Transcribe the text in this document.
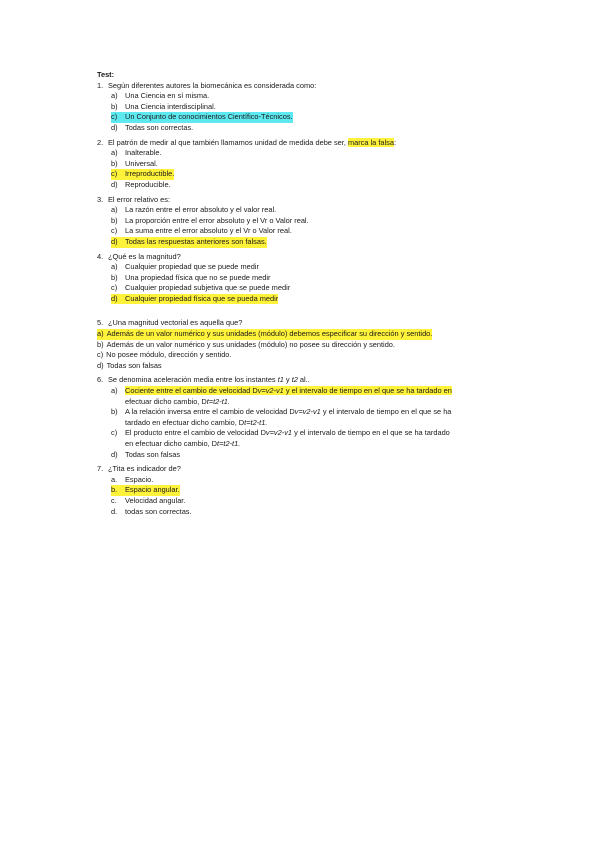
Test:
1. Según diferentes autores la biomecánica es considerada como:
a)	Una Ciencia en sí misma.
b)	Una Ciencia interdisciplinal.
c)	Un Conjunto de conocimientos Científico-Técnicos.
d)	Todas son correctas.
2. El patrón de medir al que también llamamos unidad de medida debe ser, marca la falsa:
a)	Inalterable.
b)	Universal.
c)	Irreproductible.
d)	Reproducible.
3. El error relativo es:
a)	La razón entre el error absoluto y el valor real.
b)	La proporción entre el error absoluto y el Vr o Valor real.
c)	La suma entre el error absoluto y el Vr o Valor real.
d)	Todas las respuestas anteriores son falsas.
4. ¿Qué es la magnitud?
a)	Cualquier propiedad que se puede medir
b)	Una propiedad física que no se puede medir
c)	Cualquier propiedad subjetiva que se puede medir
d)	Cualquier propiedad física que se pueda medir
5. ¿Una magnitud vectorial es aquella que?
a) Además de un valor numérico y sus unidades (módulo) debemos especificar su dirección y sentido.
b) Además de un valor numérico y sus unidades (módulo) no posee su dirección y sentido.
c) No posee módulo, dirección y sentido.
d) Todas son falsas
6. Se denomina aceleración media entre los instantes t1 y t2 al..
a)	Cociente entre el cambio de velocidad Dv=v2-v1 y el intervalo de tiempo en el que se ha tardado en
efectuar dicho cambio, Dt=t2-t1.
b)	A la relación inversa entre el cambio de velocidad Dv=v2-v1 y el intervalo de tiempo en el que se ha
tardado en efectuar dicho cambio, Dt=t2-t1.
c)	El producto entre el cambio de velocidad Dv=v2-v1 y el intervalo de tiempo en el que se ha tardado
en efectuar dicho cambio, Dt=t2-t1.
d)	Todas son falsas
7. ¿Tita es indicador de?
a.	Espacio.
b.	Espacio angular.
c.	Velocidad angular.
d.	todas son correctas.
